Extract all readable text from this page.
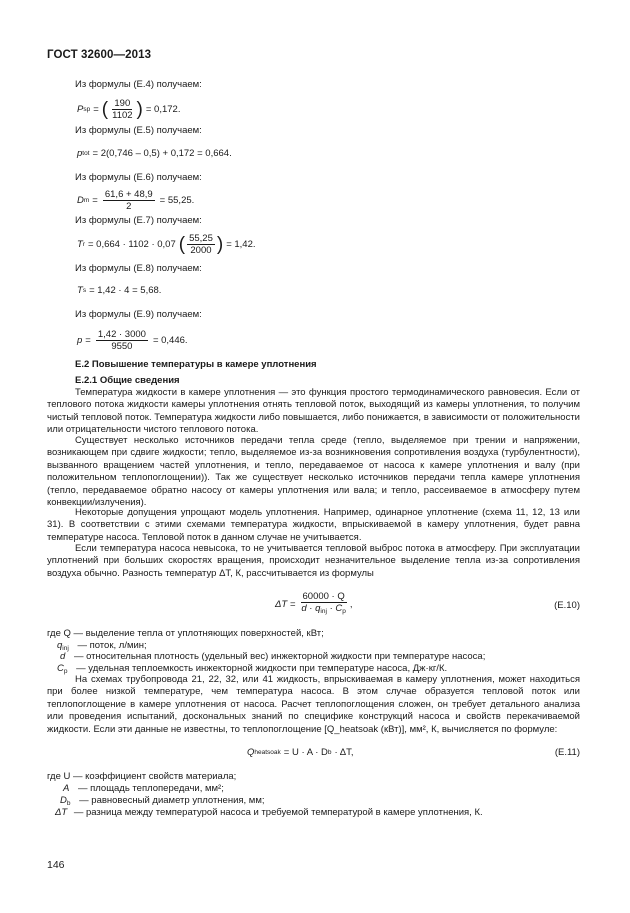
ГОСТ 32600—2013
Из формулы (Е.4) получаем:
P sp = ( $\frac{190}{1102}$ ) = 0,172.
Из формулы (Е.5) получаем:
p tot = 2(0,746 – 0,5) + 0,172 = 0,664.
Из формулы (Е.6) получаем:
D $m = \frac{61,6 + 48,9}{2} = 55,25$.
Из формулы (Е.7) получаем:
T r = 0,664 · 1102 · 0,07 ( $\frac{55,25}{2000}$ ) = 1,42.
Из формулы (Е.8) получаем:
T s = 1,42 · 4 = 5,68.
Из формулы (Е.9) получаем:
$p = \frac{1,42 \cdot 3000}{9550} = 0,446$.
Е.2 Повышение температуры в камере уплотнения
Е.2.1 Общие сведения

Температура жидкости в камере уплотнения — это функция простого термодинамического равновесия. Если от теплового потока жидкости камеры уплотнения отнять тепловой поток, выходящий из камеры уплотнения, то получим чистый тепловой поток. Температура жидкости либо повышается, либо понижается, в зависимости от положительности или отрицательности чистого теплового потока.

Существует несколько источников передачи тепла среде (тепло, выделяемое при трении и напряжении, возникающем при сдвиге жидкости; тепло, выделяемое из-за возникновения сопротивления воздуха (турбулентности), вызванного вращением частей уплотнения, и тепло, передаваемое от насоса к камере уплотнения и валу (при положительном теплопоглощении)). Так же существует несколько источников передачи тепла камере уплотнения (тепло, передаваемое обратно насосу от камеры уплотнения или вала; и тепло, рассеиваемое в атмосферу путем конвекции/излучения).

Некоторые допущения упрощают модель уплотнения. Например, одинарное уплотнение (схема 11, 12, 13 или 31). В соответствии с этими схемами температура жидкости, впрыскиваемой в камеру уплотнения, будет равна температуре насоса. Тепловой поток в данном случае не учитывается.

Если температура насоса невысока, то не учитывается тепловой выброс потока в атмосферу. При эксплуатации уплотнений при больших скоростях вращения, происходит незначительное выделение тепла из-за сопротивления воздуха обычно. Разность температур ΔT, К, рассчитывается из формулы

$\Delta T = \frac{60000 \cdot Q}{d \cdot q_{inj} \cdot C_p}$ ,	(Е.10)
где Q — выделение тепла от уплотняющих поверхностей, кВт;
$q_{inj}$ — поток, л/мин;
d — относительная плотность (удельный вес) инжекторной жидкости при температуре насоса;
$C_p$ — удельная теплоемкость инжекторной жидкости при температуре насоса, Дж·кг/К.

На схемах трубопровода 21, 22, 32, или 41 жидкость, впрыскиваемая в камеру уплотнения, может находиться при более низкой температуре, чем температура насоса. В этом случае образуется тепловой поток или теплопоглощение в камере уплотнения от насоса. Расчет теплопоглощения сложен, он требует детального анализа или проведения испытаний, доскональных знаний по специфике конструкций насоса и свойств перекачиваемой жидкости. Если эти данные не известны, то теплопоглощение [Q_heatsoak (кВт)], мм², К, вычисляется по формуле:

Q heatsoak = U · A · D b · ΔT,	(Е.11)
где U — коэффициент свойств материала;
A — площадь теплопередачи, мм²;
$D_b$ — равновесный диаметр уплотнения, мм;
ΔT — разница между температурой насоса и требуемой температурой в камере уплотнения, К.
146
